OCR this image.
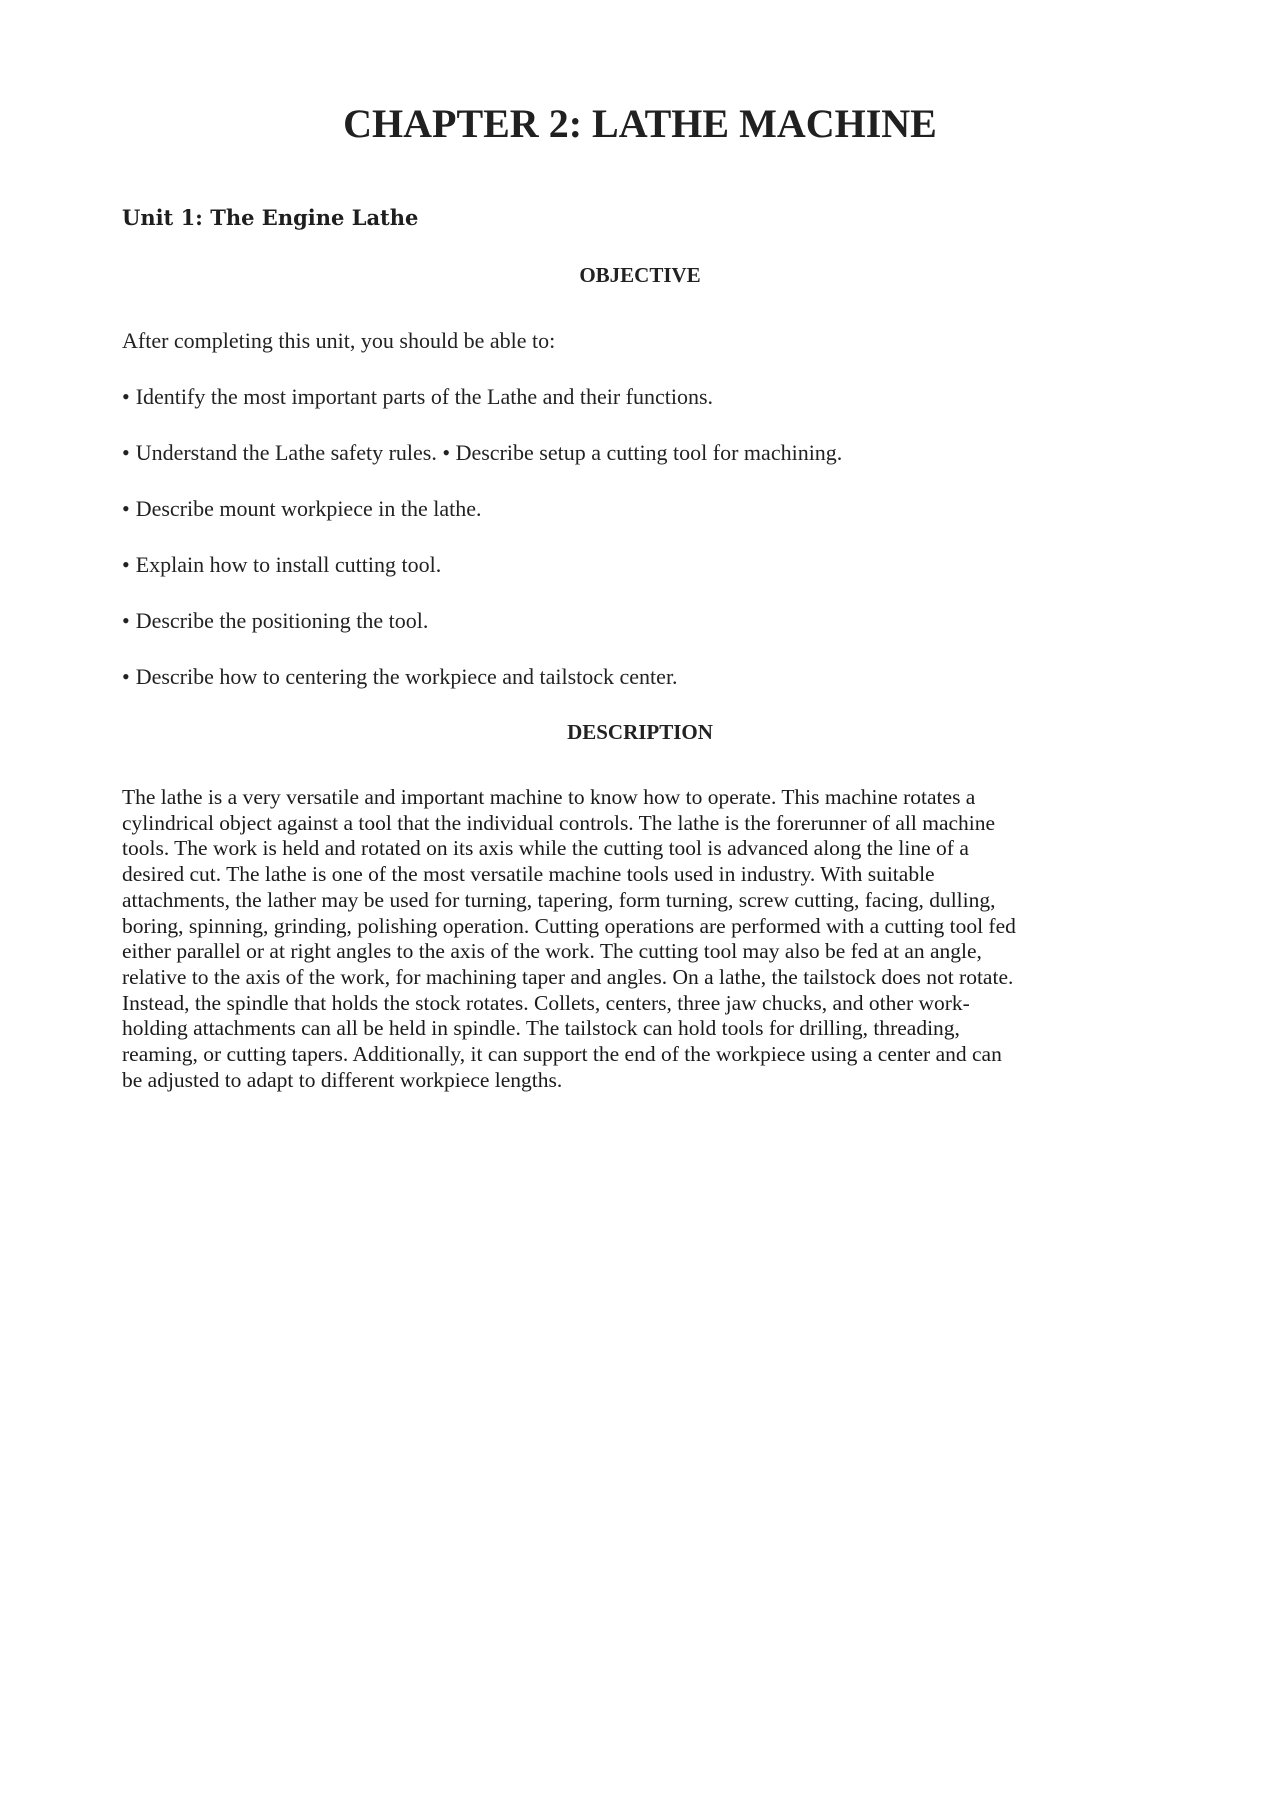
CHAPTER 2: LATHE MACHINE
Unit 1: The Engine Lathe
OBJECTIVE

After completing this unit, you should be able to:

• Identify the most important parts of the Lathe and their functions.
• Understand the Lathe safety rules. • Describe setup a cutting tool for machining.
• Describe mount workpiece in the lathe.
• Explain how to install cutting tool.
• Describe the positioning the tool.
• Describe how to centering the workpiece and tailstock center.
DESCRIPTION
The lathe is a very versatile and important machine to know how to operate. This machine rotates a
cylindrical object against a tool that the individual controls. The lathe is the forerunner of all machine
tools. The work is held and rotated on its axis while the cutting tool is advanced along the line of a
desired cut. The lathe is one of the most versatile machine tools used in industry. With suitable
attachments, the lather may be used for turning, tapering, form turning, screw cutting, facing, dulling,
boring, spinning, grinding, polishing operation. Cutting operations are performed with a cutting tool fed
either parallel or at right angles to the axis of the work. The cutting tool may also be fed at an angle,
relative to the axis of the work, for machining taper and angles. On a lathe, the tailstock does not rotate.
Instead, the spindle that holds the stock rotates. Collets, centers, three jaw chucks, and other work-
holding attachments can all be held in spindle. The tailstock can hold tools for drilling, threading,
reaming, or cutting tapers. Additionally, it can support the end of the workpiece using a center and can
be adjusted to adapt to different workpiece lengths.
